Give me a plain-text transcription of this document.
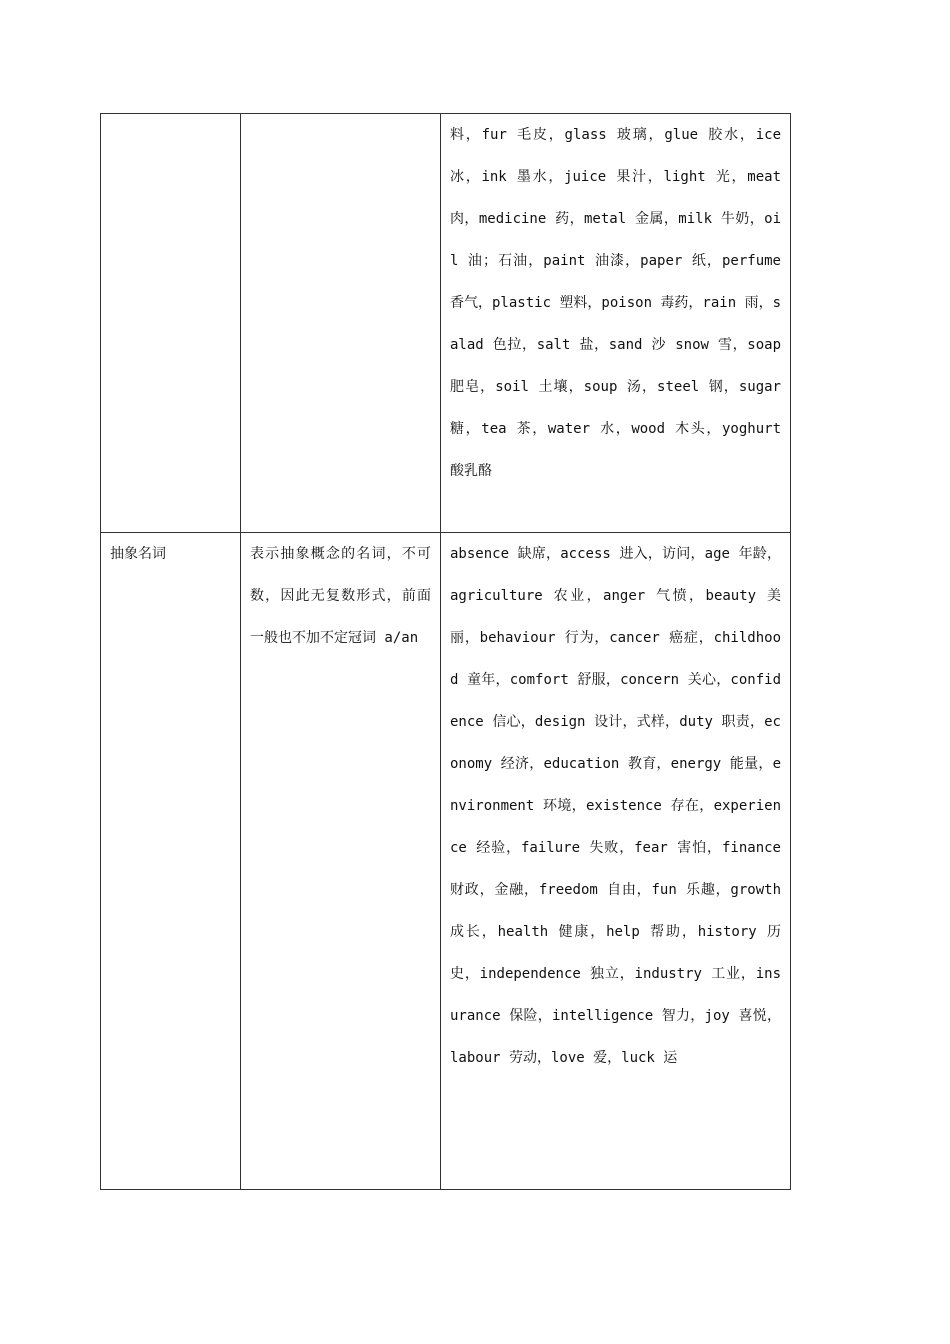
		料，fur 毛皮，glass 玻璃，glue 胶水，ice 冰，ink 墨水，juice 果汁，light 光，meat 肉，medicine 药，metal 金属，milk 牛奶，oil 油；石油，paint 油漆，paper 纸，perfume 香气，plastic 塑料，poison 毒药，rain 雨，salad 色拉，salt 盐，sand 沙 snow 雪，soap 肥皂，soil 土壤，soup 汤，steel 钢，sugar 糖，tea 茶，water 水，wood 木头，yoghurt 酸乳酪

抽象名词	表示抽象概念的名词，不可数，因此无复数形式，前面一般也不加不定冠词 a/an	absence 缺席，access 进入，访问，age 年龄，agriculture 农业，anger 气愤，beauty 美丽，behaviour 行为，cancer 癌症，childhood 童年，comfort 舒服，concern 关心，confidence 信心，design 设计，式样，duty 职责，economy 经济，education 教育，energy 能量，environment 环境，existence 存在，experience 经验，failure 失败，fear 害怕，finance 财政，金融，freedom 自由，fun 乐趣，growth 成长，health 健康，help 帮助，history 历史，independence 独立，industry 工业，insurance 保险，intelligence 智力，joy 喜悦，labour 劳动，love 爱，luck 运
